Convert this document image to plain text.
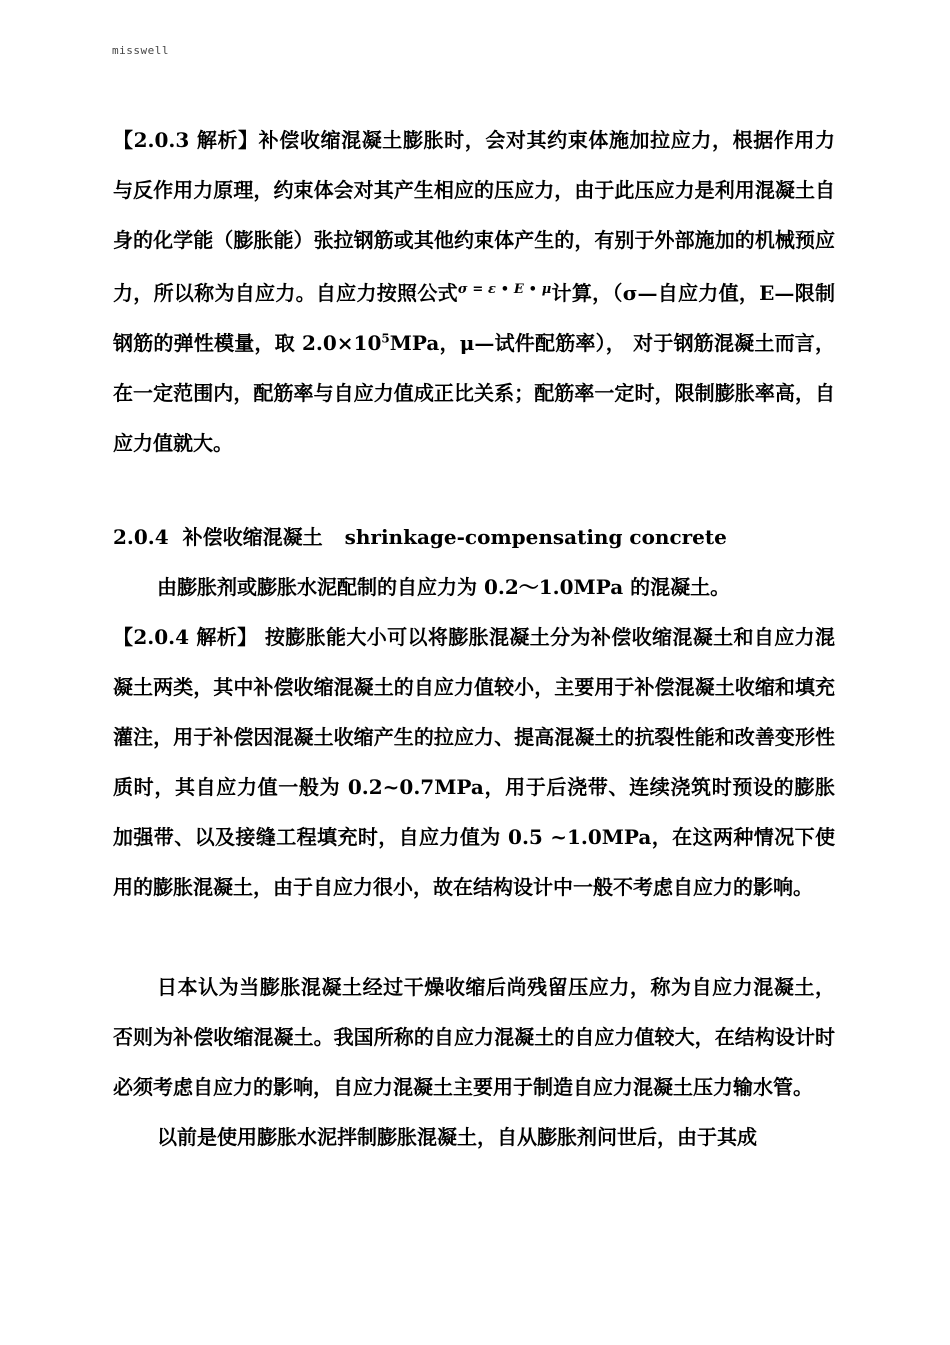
misswell

【2.0.3 解析】补偿收缩混凝土膨胀时，会对其约束体施加拉应力，根据作用力与反作用力原理，约束体会对其产生相应的压应力，由于此压应力是利用混凝土自身的化学能（膨胀能）张拉钢筋或其他约束体产生的，有别于外部施加的机械预应力，所以称为自应力。自应力按照公式$^{\sigma = \varepsilon • E • \mu}$计算，（σ—自应力值，E—限制钢筋的弹性模量，取 $2.0\times 10^5MPa$，μ—试件配筋率）， 对于钢筋混凝土而言，在一定范围内，配筋率与自应力值成正比关系；配筋率一定时，限制膨胀率高，自应力值就大。

2.0.4 补偿收缩混凝土 shrinkage-compensating concrete

由膨胀剂或膨胀水泥配制的自应力为 0.2～1.0MPa 的混凝土。

【2.0.4 解析】 按膨胀能大小可以将膨胀混凝土分为补偿收缩混凝土和自应力混凝土两类，其中补偿收缩混凝土的自应力值较小，主要用于补偿混凝土收缩和填充灌注，用于补偿因混凝土收缩产生的拉应力、提高混凝土的抗裂性能和改善变形性质时，其自应力值一般为 0.2~0.7MPa，用于后浇带、连续浇筑时预设的膨胀加强带、以及接缝工程填充时，自应力值为 0.5 ~1.0MPa，在这两种情况下使用的膨胀混凝土，由于自应力很小，故在结构设计中一般不考虑自应力的影响。

日本认为当膨胀混凝土经过干燥收缩后尚残留压应力，称为自应力混凝土，否则为补偿收缩混凝土。我国所称的自应力混凝土的自应力值较大，在结构设计时必须考虑自应力的影响，自应力混凝土主要用于制造自应力混凝土压力输水管。

以前是使用膨胀水泥拌制膨胀混凝土，自从膨胀剂问世后，由于其成
